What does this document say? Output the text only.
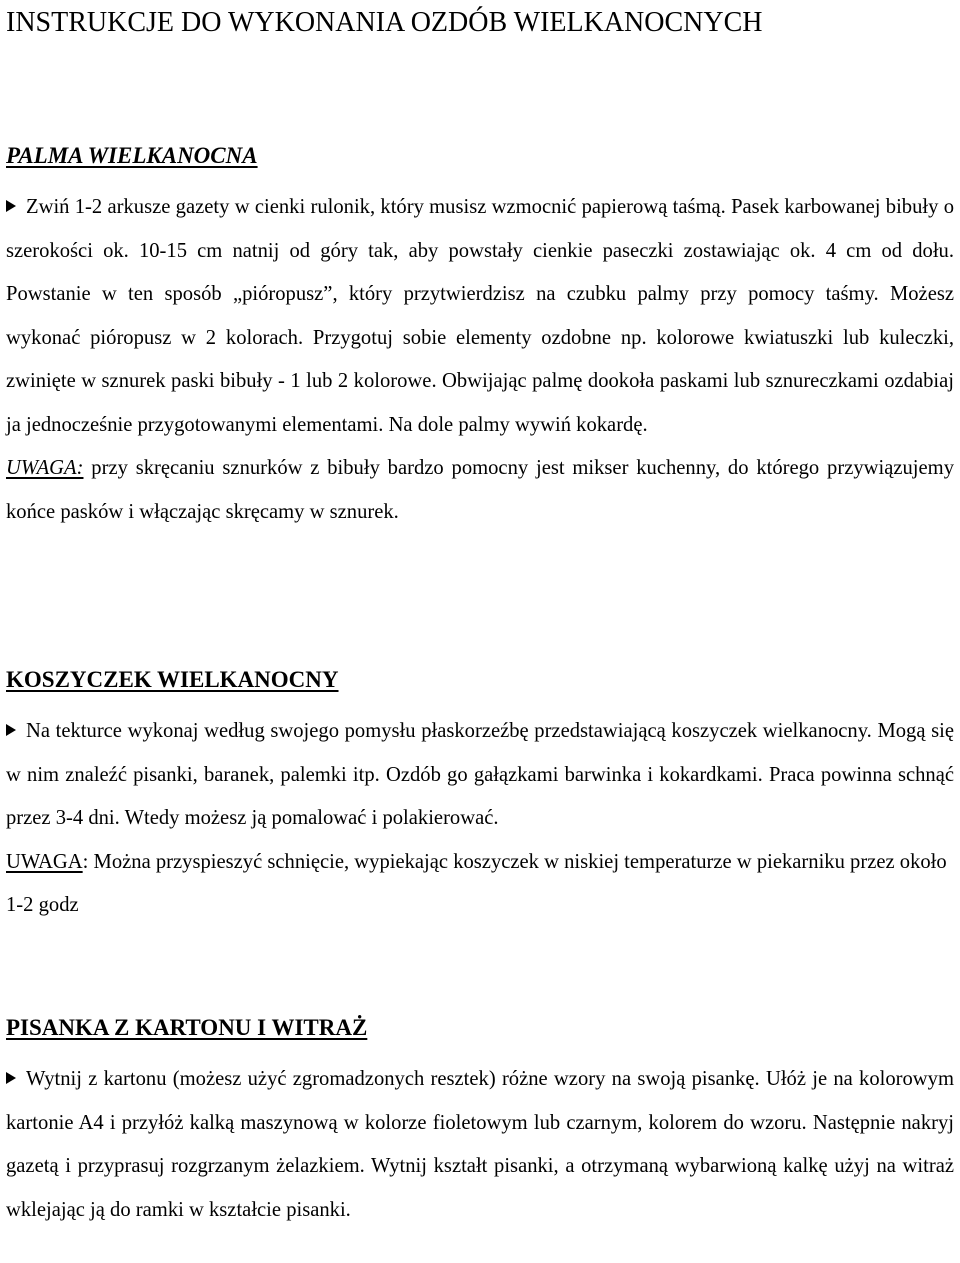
INSTRUKCJE DO WYKONANIA OZDÓB WIELKANOCNYCH
PALMA WIELKANOCNA

Zwiń 1-2 arkusze gazety w cienki rulonik, który musisz wzmocnić papierową taśmą. Pasek karbowanej bibuły o szerokości ok. 10-15 cm natnij od góry tak, aby powstały cienkie paseczki zostawiając ok. 4 cm od dołu. Powstanie w ten sposób „pióropusz”, który przytwierdzisz na czubku palmy przy pomocy taśmy. Możesz wykonać pióropusz w 2 kolorach. Przygotuj sobie elementy ozdobne np. kolorowe kwiatuszki lub kuleczki, zwinięte w sznurek paski bibuły - 1 lub 2 kolorowe. Obwijając palmę dookoła paskami lub sznureczkami ozdabiaj ja jednocześnie przygotowanymi elementami. Na dole palmy wywiń kokardę.

UWAGA: przy skręcaniu sznurków z bibuły bardzo pomocny jest mikser kuchenny, do którego przywiązujemy końce pasków i włączając skręcamy w sznurek.

KOSZYCZEK WIELKANOCNY

Na tekturce wykonaj według swojego pomysłu płaskorzeźbę przedstawiającą koszyczek wielkanocny. Mogą się w nim znaleźć pisanki, baranek, palemki itp. Ozdób go gałązkami barwinka i kokardkami. Praca powinna schnąć przez 3-4 dni. Wtedy możesz ją pomalować i polakierować.

UWAGA: Można przyspieszyć schnięcie, wypiekając koszyczek w niskiej temperaturze w piekarniku przez około 1-2 godz

PISANKA Z KARTONU I WITRAŻ

Wytnij z kartonu (możesz użyć zgromadzonych resztek) różne wzory na swoją pisankę. Ułóż je na kolorowym kartonie A4 i przyłóż kalką maszynową w kolorze fioletowym lub czarnym, kolorem do wzoru. Następnie nakryj gazetą i przyprasuj rozgrzanym żelazkiem. Wytnij kształt pisanki, a otrzymaną wybarwioną kalkę użyj na witraż wklejając ją do ramki w kształcie pisanki.
